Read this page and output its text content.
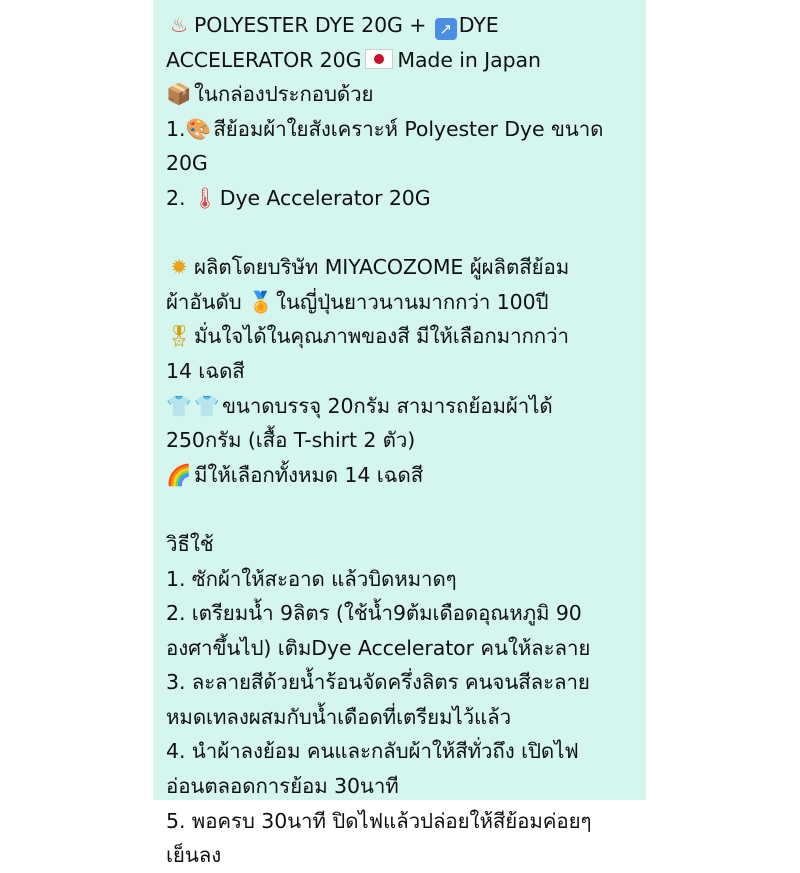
♨ POLYESTER DYE 20G + ↗ DYE
ACCELERATOR 20G Made in Japan
📦 ในกล่องประกอบด้วย
1.🎨 สีย้อมผ้าใยสังเคราะห์ Polyester Dye ขนาด
20G
2. 🌡Dye Accelerator 20G
✹ ผลิตโดยบริษัท MIYACOZOME ผู้ผลิตสีย้อม
ผ้าอันดับ 🏅 ในญี่ปุ่นยาวนานมากกว่า 100ปี
🎖มั่นใจได้ในคุณภาพของสี มีให้เลือกมากกว่า
14 เฉดสี
👕 👕 ขนาดบรรจุ 20กรัม สามารถย้อมผ้าได้
250กรัม (เสื้อ T-shirt 2 ตัว)
🌈 มีให้เลือกทั้งหมด 14 เฉดสี
วิธีใช้
1. ซักผ้าให้สะอาด แล้วบิดหมาดๆ
2. เตรียมน้ำ 9ลิตร (ใช้น้ำ9ต้มเดือดอุณหภูมิ 90
องศาขึ้นไป) เติมDye Accelerator คนให้ละลาย
3. ละลายสีด้วยน้ำร้อนจัดครึ่งลิตร คนจนสีละลาย
หมดเทลงผสมกับน้ำเดือดที่เตรียมไว้แล้ว
4. นำผ้าลงย้อม คนและกลับผ้าให้สีทั่วถึง เปิดไฟ
อ่อนตลอดการย้อม 30นาที
5. พอครบ 30นาที ปิดไฟแล้วปล่อยให้สีย้อมค่อยๆ
เย็นลง
